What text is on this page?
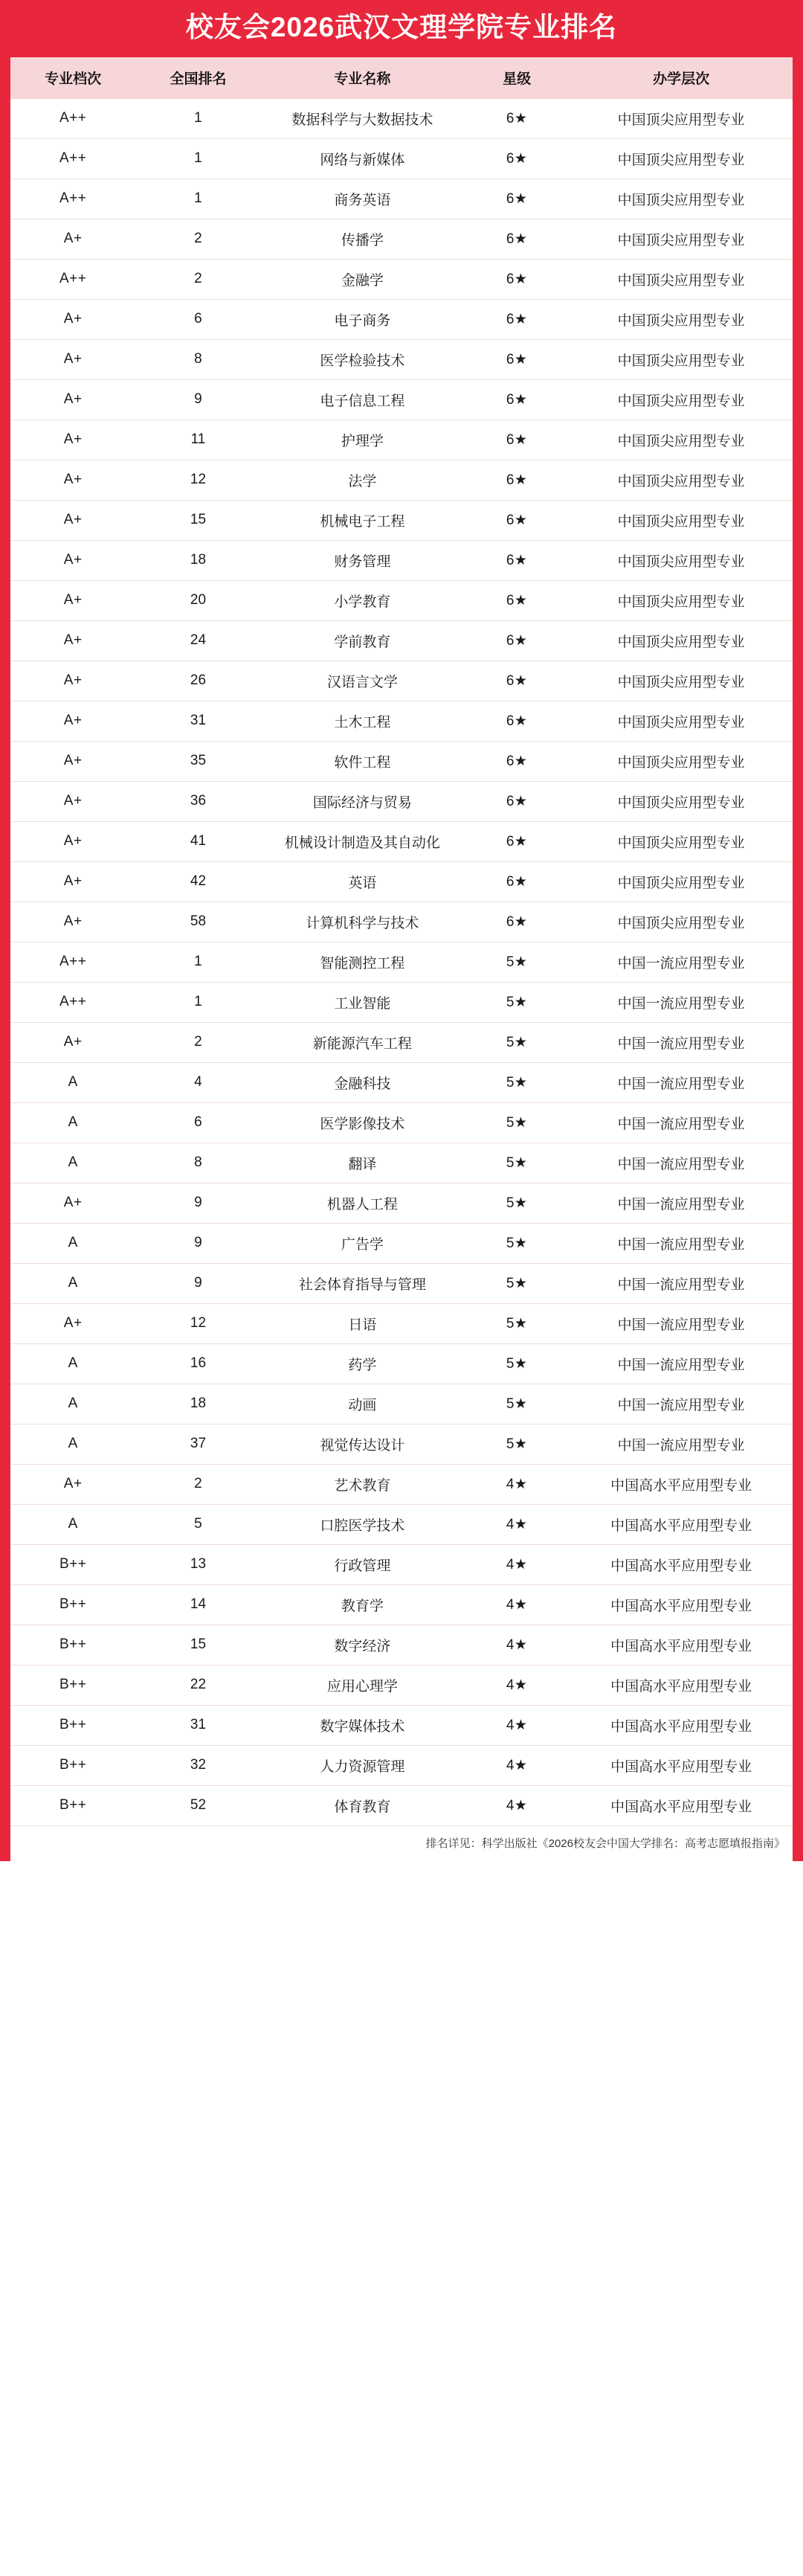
校友会2026武汉文理学院专业排名
专业档次	全国排名	专业名称	星级	办学层次
A++	1	数据科学与大数据技术	6★	中国顶尖应用型专业
A++	1	网络与新媒体	6★	中国顶尖应用型专业
A++	1	商务英语	6★	中国顶尖应用型专业
A+	2	传播学	6★	中国顶尖应用型专业
A++	2	金融学	6★	中国顶尖应用型专业
A+	6	电子商务	6★	中国顶尖应用型专业
A+	8	医学检验技术	6★	中国顶尖应用型专业
A+	9	电子信息工程	6★	中国顶尖应用型专业
A+	11	护理学	6★	中国顶尖应用型专业
A+	12	法学	6★	中国顶尖应用型专业
A+	15	机械电子工程	6★	中国顶尖应用型专业
A+	18	财务管理	6★	中国顶尖应用型专业
A+	20	小学教育	6★	中国顶尖应用型专业
A+	24	学前教育	6★	中国顶尖应用型专业
A+	26	汉语言文学	6★	中国顶尖应用型专业
A+	31	土木工程	6★	中国顶尖应用型专业
A+	35	软件工程	6★	中国顶尖应用型专业
A+	36	国际经济与贸易	6★	中国顶尖应用型专业
A+	41	机械设计制造及其自动化	6★	中国顶尖应用型专业
A+	42	英语	6★	中国顶尖应用型专业
A+	58	计算机科学与技术	6★	中国顶尖应用型专业
A++	1	智能测控工程	5★	中国一流应用型专业
A++	1	工业智能	5★	中国一流应用型专业
A+	2	新能源汽车工程	5★	中国一流应用型专业
A	4	金融科技	5★	中国一流应用型专业
A	6	医学影像技术	5★	中国一流应用型专业
A	8	翻译	5★	中国一流应用型专业
A+	9	机器人工程	5★	中国一流应用型专业
A	9	广告学	5★	中国一流应用型专业
A	9	社会体育指导与管理	5★	中国一流应用型专业
A+	12	日语	5★	中国一流应用型专业
A	16	药学	5★	中国一流应用型专业
A	18	动画	5★	中国一流应用型专业
A	37	视觉传达设计	5★	中国一流应用型专业
A+	2	艺术教育	4★	中国高水平应用型专业
A	5	口腔医学技术	4★	中国高水平应用型专业
B++	13	行政管理	4★	中国高水平应用型专业
B++	14	教育学	4★	中国高水平应用型专业
B++	15	数字经济	4★	中国高水平应用型专业
B++	22	应用心理学	4★	中国高水平应用型专业
B++	31	数字媒体技术	4★	中国高水平应用型专业
B++	32	人力资源管理	4★	中国高水平应用型专业
B++	52	体育教育	4★	中国高水平应用型专业
排名详见：科学出版社《2026校友会中国大学排名：高考志愿填报指南》
